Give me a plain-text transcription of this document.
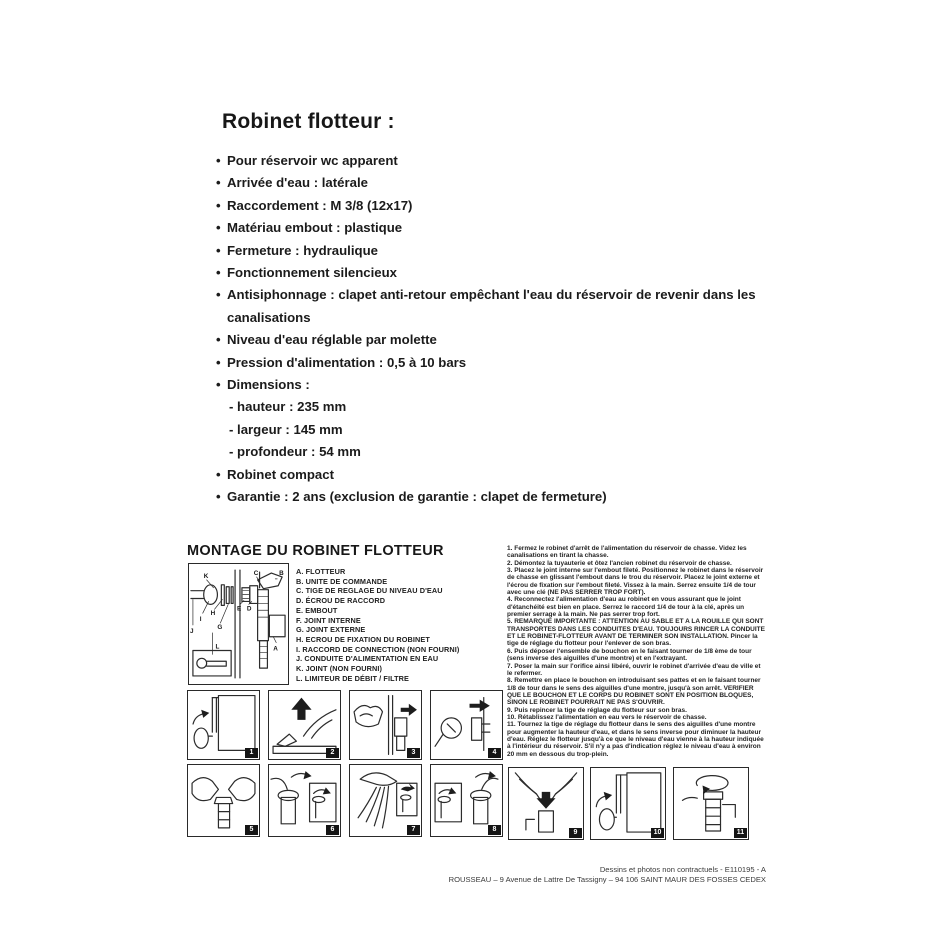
Robinet flotteur :
• Pour réservoir wc apparent
• Arrivée d'eau : latérale
• Raccordement : M 3/8 (12x17)
• Matériau embout : plastique
• Fermeture : hydraulique
• Fonctionnement silencieux
• Antisiphonnage : clapet anti-retour empêchant l'eau du réservoir de revenir dans les canalisations
• Niveau d'eau réglable par molette
• Pression d'alimentation : 0,5 à 10 bars
• Dimensions :
- hauteur : 235 mm
- largeur : 145 mm
- profondeur : 54 mm
• Robinet compact
• Garantie : 2 ans (exclusion de garantie : clapet de fermeture)
MONTAGE DU ROBINET FLOTTEUR
K	C	B
H
G
E D
I
J
A
L
A. FLOTTEUR
B. UNITE DE COMMANDE
C. TIGE DE REGLAGE DU NIVEAU D'EAU
D. ÉCROU DE RACCORD
E. EMBOUT
F. JOINT INTERNE
G. JOINT EXTERNE
H. ECROU DE FIXATION DU ROBINET
I. RACCORD DE CONNECTION (NON FOURNI)
J. CONDUITE D'ALIMENTATION EN EAU
K. JOINT (NON FOURNI)
L. LIMITEUR DE DÉBIT / FILTRE
1. Fermez le robinet d'arrêt de l'alimentation du réservoir de chasse. Videz les canalisations en tirant la chasse.
2. Démontez la tuyauterie et ôtez l'ancien robinet du réservoir de chasse.
3. Placez le joint interne sur l'embout fileté. Positionnez le robinet dans le réservoir de chasse en glissant l'embout dans le trou du réservoir. Placez le joint externe et l'écrou de fixation sur l'embout fileté. Vissez à la main. Serrez ensuite 1/4 de tour avec une clé (NE PAS SERRER TROP FORT).
4. Reconnectez l'alimentation d'eau au robinet en vous assurant que le joint d'étanchéité est bien en place. Serrez le raccord 1/4 de tour à la clé, après un premier serrage à la main. Ne pas serrer trop fort.
5. REMARQUE IMPORTANTE : ATTENTION AU SABLE ET A LA ROUILLE QUI SONT TRANSPORTES DANS LES CONDUITES D'EAU. TOUJOURS RINCER LA CONDUITE ET LE ROBINET-FLOTTEUR AVANT DE TERMINER SON INSTALLATION. Pincer la tige de réglage du flotteur pour l'enlever de son bras.
6. Puis déposer l'ensemble de bouchon en le faisant tourner de 1/8 ème de tour (sens inverse des aiguilles d'une montre) et en l'extrayant.
7. Poser la main sur l'orifice ainsi libéré, ouvrir le robinet d'arrivée d'eau de ville et le refermer.
8. Remettre en place le bouchon en introduisant ses pattes et en le faisant tourner 1/8 de tour dans le sens des aiguilles d'une montre, jusqu'à son arrêt. VERIFIER QUE LE BOUCHON ET LE CORPS DU ROBINET SONT EN POSITION BLOQUES, SINON LE ROBINET POURRAIT NE PAS S'OUVRIR.
9. Puis repincer la tige de réglage du flotteur sur son bras.
10. Rétablissez l'alimentation en eau vers le réservoir de chasse.
11. Tournez la tige de réglage du flotteur dans le sens des aiguilles d'une montre pour augmenter la hauteur d'eau, et dans le sens inverse pour diminuer la hauteur d'eau. Réglez le flotteur jusqu'à ce que le niveau d'eau vienne à la hauteur indiquée à l'intérieur du réservoir. S'il n'y a pas d'indication réglez le niveau d'eau à environ 20 mm en dessous du trop-plein.
1	2	3	4
5	6	7	8	9	10	11
Dessins et photos non contractuels - E110195 - A
ROUSSEAU – 9 Avenue de Lattre De Tassigny – 94 106 SAINT MAUR DES FOSSES CEDEX
